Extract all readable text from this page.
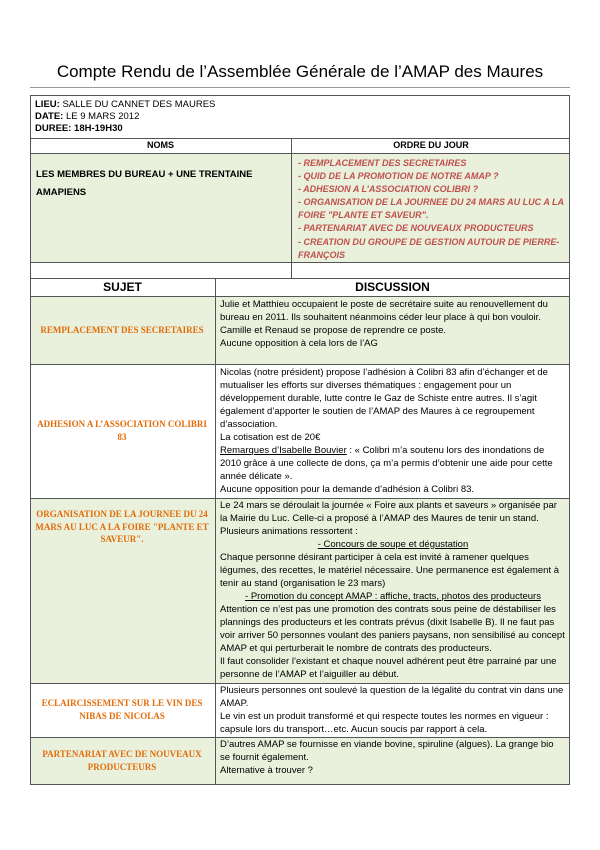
Compte Rendu de l’Assemblée Générale de l’AMAP des Maures
LIEU: SALLE DU CANNET DES MAURES
DATE: LE 9 MARS 2012
DUREE: 18H-19H30
NOMS	ORDRE DU JOUR
LES MEMBRES DU BUREAU + UNE TRENTAINE AMAPIENS
- REMPLACEMENT DES SECRETAIRES
- QUID DE LA PROMOTION DE NOTRE AMAP ?
- ADHESION A L’ASSOCIATION COLIBRI ?
- ORGANISATION DE LA JOURNEE DU 24 MARS AU LUC A LA FOIRE "PLANTE ET SAVEUR".
- PARTENARIAT AVEC DE NOUVEAUX PRODUCTEURS
- CREATION DU GROUPE DE GESTION AUTOUR DE PIERRE-FRANÇOIS
SUJET	DISCUSSION
REMPLACEMENT DES SECRETAIRES

Julie et Matthieu occupaient le poste de secrétaire suite au renouvellement du bureau en 2011. Ils souhaitent néanmoins céder leur place à qui bon vouloir.

Camille et Renaud se propose de reprendre ce poste.

Aucune opposition à cela lors de l’AG

ADHESION A L’ASSOCIATION COLIBRI 83

Nicolas (notre président) propose l’adhésion à Colibri 83 afin d’échanger et de mutualiser les efforts sur diverses thématiques : engagement pour un développement durable, lutte contre le Gaz de Schiste entre autres. Il s’agit également d’apporter le soutien de l’AMAP des Maures à ce regroupement d’association.

La cotisation est de 20€

Remarques d’Isabelle Bouvier : « Colibri m’a soutenu lors des inondations de 2010 grâce à une collecte de dons, ça m’a permis d’obtenir une aide pour cette année délicate ».

Aucune opposition pour la demande d’adhésion à Colibri 83.

ORGANISATION DE LA JOURNEE DU 24 MARS AU LUC A LA FOIRE "PLANTE ET SAVEUR".

Le 24 mars se déroulait la journée « Foire aux plants et saveurs » organisée par la Mairie du Luc. Celle-ci a proposé à l’AMAP des Maures de tenir un stand.

Plusieurs animations ressortent :

- Concours de soupe et dégustation

Chaque personne désirant participer à cela est invité à ramener quelques légumes, des recettes, le matériel nécessaire. Une permanence est également à tenir au stand (organisation le 23 mars)

- Promotion du concept AMAP : affiche, tracts, photos des producteurs

Attention ce n’est pas une promotion des contrats sous peine de déstabiliser les plannings des producteurs et les contrats prévus (dixit Isabelle B). Il ne faut pas voir arriver 50 personnes voulant des paniers paysans, non sensibilisé au concept AMAP et qui perturberait le nombre de contrats des producteurs.

Il faut consolider l’existant et chaque nouvel adhérent peut être parrainé par une personne de l’AMAP et l’aiguiller au début.

ECLAIRCISSEMENT SUR LE VIN DES NIBAS DE NICOLAS

Plusieurs personnes ont soulevé la question de la légalité du contrat vin dans une AMAP.

Le vin est un produit transformé et qui respecte toutes les normes en vigueur : capsule lors du transport…etc. Aucun soucis par rapport à cela.

PARTENARIAT AVEC DE NOUVEAUX PRODUCTEURS

D’autres AMAP se fournisse en viande bovine, spiruline (algues). La grange bio se fournit également.

Alternative à trouver ?
